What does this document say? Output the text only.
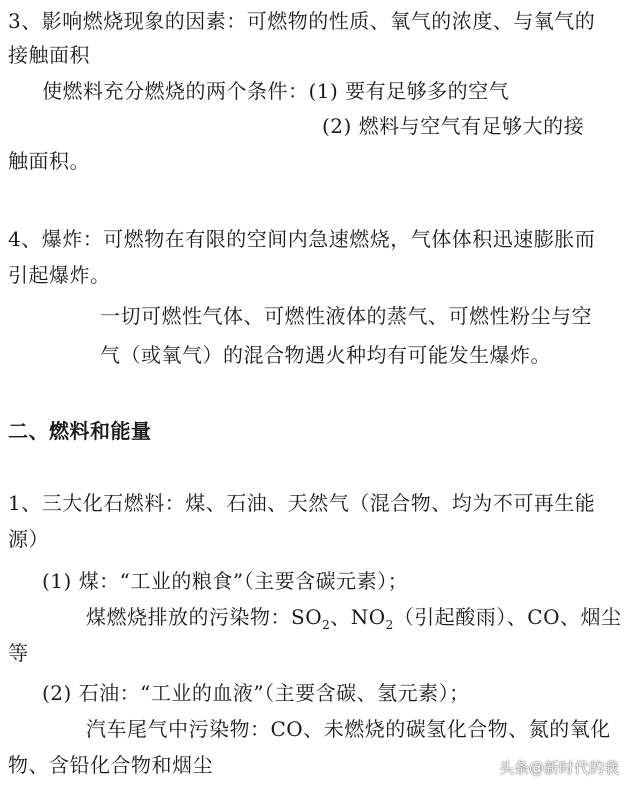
3、影响燃烧现象的因素：可燃物的性质、氧气的浓度、与氧气的
接触面积
使燃料充分燃烧的两个条件：(1) 要有足够多的空气
(2) 燃料与空气有足够大的接
触面积。
4、爆炸：可燃物在有限的空间内急速燃烧，气体体积迅速膨胀而
引起爆炸。
一切可燃性气体、可燃性液体的蒸气、可燃性粉尘与空
气（或氧气）的混合物遇火种均有可能发生爆炸。
二、燃料和能量
1、三大化石燃料：煤、石油、天然气（混合物、均为不可再生能
源）
(1) 煤：“工业的粮食”（主要含碳元素）；
煤燃烧排放的污染物：$SO_2$、$NO_2$（引起酸雨）、CO、烟尘
等
(2) 石油：“工业的血液”（主要含碳、氢元素）；
汽车尾气中污染物：CO、未燃烧的碳氢化合物、氮的氧化
物、含铅化合物和烟尘	头条@新时代的我
